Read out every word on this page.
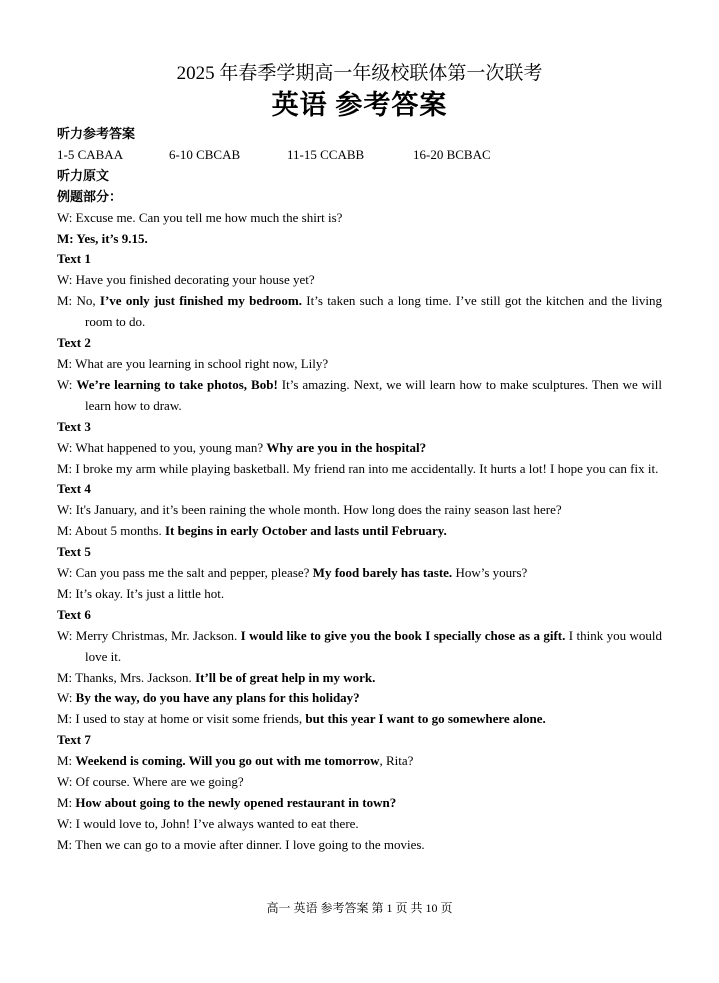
2025 年春季学期高一年级校联体第一次联考
英语 参考答案
听力参考答案
1-5 CABAA	6-10 CBCAB	11-15 CCABB	16-20 BCBAC
听力原文
例题部分：
W: Excuse me. Can you tell me how much the shirt is?
M: Yes, it’s 9.15.
Text 1
W: Have you finished decorating your house yet?
M: No, I’ve only just finished my bedroom. It’s taken such a long time. I’ve still got the kitchen and the living room to do.
Text 2
M: What are you learning in school right now, Lily?
W: We’re learning to take photos, Bob! It’s amazing. Next, we will learn how to make sculptures. Then we will learn how to draw.
Text 3
W: What happened to you, young man? Why are you in the hospital?
M: I broke my arm while playing basketball. My friend ran into me accidentally. It hurts a lot! I hope you can fix it.
Text 4
W: It's January, and it’s been raining the whole month. How long does the rainy season last here?
M: About 5 months. It begins in early October and lasts until February.
Text 5
W: Can you pass me the salt and pepper, please? My food barely has taste. How’s yours?
M: It’s okay. It’s just a little hot.
Text 6
W: Merry Christmas, Mr. Jackson. I would like to give you the book I specially chose as a gift. I think you would love it.
M: Thanks, Mrs. Jackson. It’ll be of great help in my work.
W: By the way, do you have any plans for this holiday?
M: I used to stay at home or visit some friends, but this year I want to go somewhere alone.
Text 7
M: Weekend is coming. Will you go out with me tomorrow, Rita?
W: Of course. Where are we going?
M: How about going to the newly opened restaurant in town?
W: I would love to, John! I’ve always wanted to eat there.
M: Then we can go to a movie after dinner. I love going to the movies.
高一 英语 参考答案 第 1 页 共 10 页
